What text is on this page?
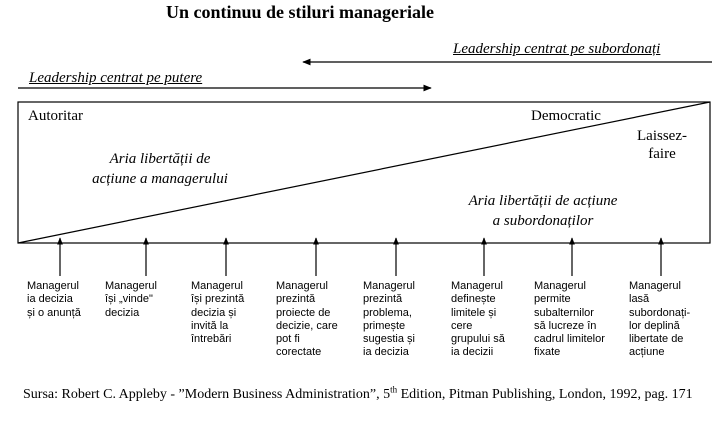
Un continuu de stiluri manageriale
Leadership centrat pe subordonați
Leadership centrat pe putere
Autoritar	Democratic
Laissez-
faire
Aria libertății de
acțiune a managerului
Aria libertății de acțiune
a subordonaților
Managerul
ia decizia
și o anunță
Managerul
își „vinde"
decizia
Managerul
își prezintă
decizia și
invită la
întrebări
Managerul
prezintă
proiecte de
decizie, care
pot fi
corectate
Managerul
prezintă
problema,
primește
sugestia și
ia decizia
Managerul
definește
limitele și
cere
grupului să
ia decizii
Managerul
permite
subalternilor
să lucreze în
cadrul limitelor
fixate
Managerul
lasă
subordonați-
lor deplină
libertate de
acțiune
Sursa: Robert C. Appleby - ”Modern Business Administration”, 5th Edition, Pitman Publishing, London, 1992, pag. 171
